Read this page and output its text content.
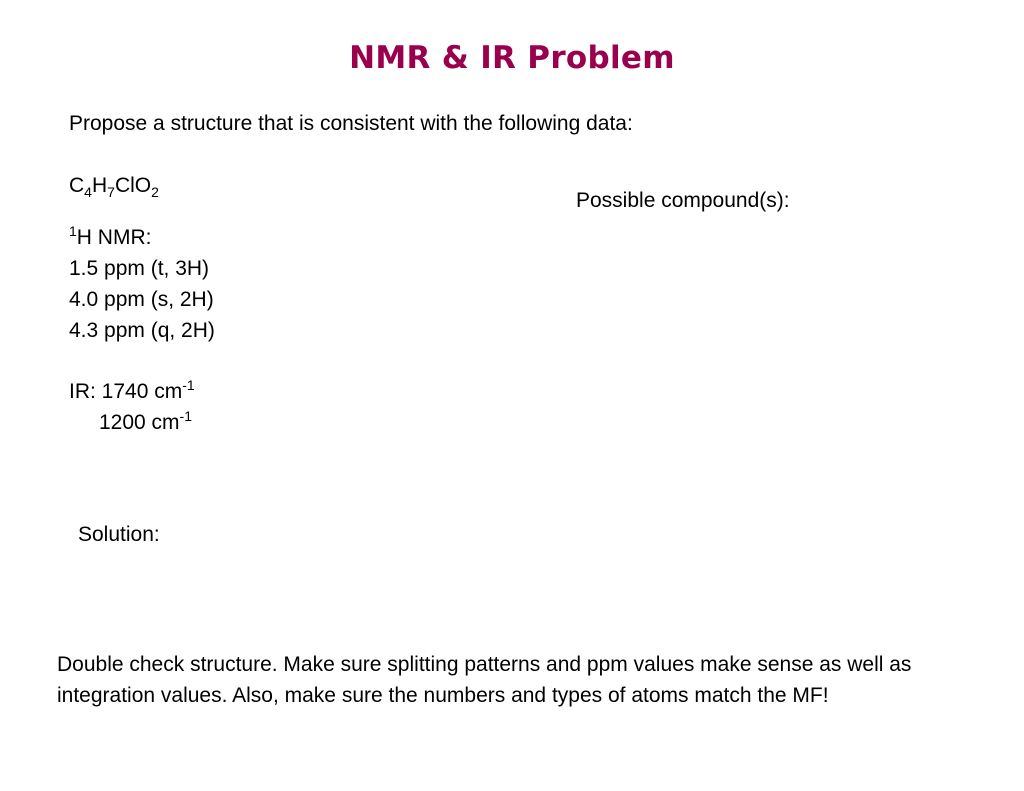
NMR & IR Problem
Propose a structure that is consistent with the following data:
$C_4H_7ClO_2$	Possible compound(s):
$^1$H NMR:
1.5 ppm (t, 3H)
4.0 ppm (s, 2H)
4.3 ppm (q, 2H)
IR: 1740 $cm^{-1}$
1200 $cm^{-1}$
Solution:
Double check structure. Make sure splitting patterns and ppm values make sense as well as integration values. Also, make sure the numbers and types of atoms match the MF!
